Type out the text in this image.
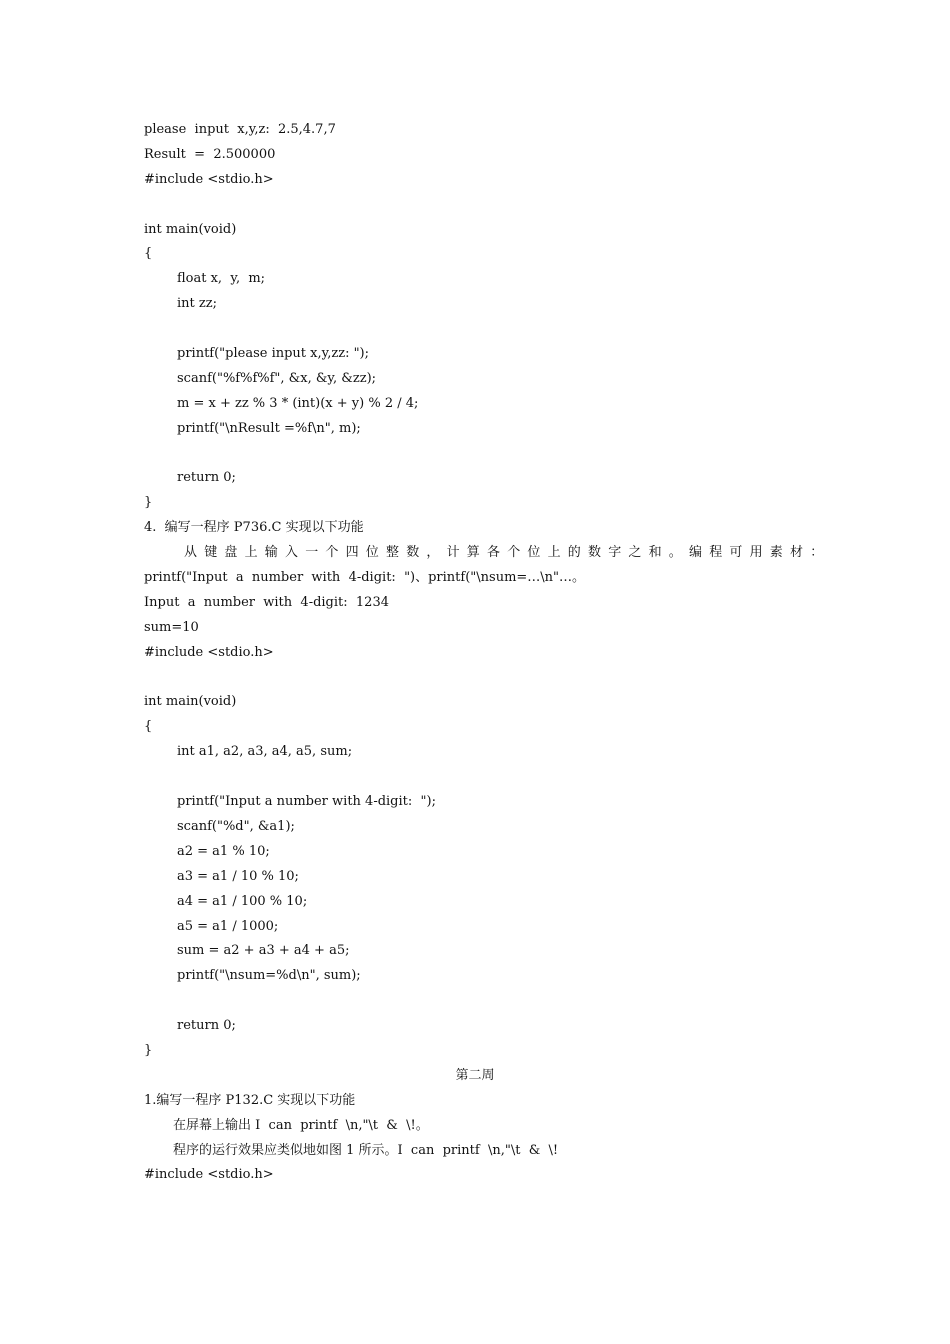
please  input  x,y,z:  2.5,4.7,7
Result  =  2.500000
#include <stdio.h>
int main(void)
{
float x,  y,  m;
int zz;
printf("please input x,y,zz: ");
scanf("%f%f%f", &x, &y, &zz);
m = x + zz % 3 * (int)(x + y) % 2 / 4;
printf("\nResult =%f\n", m);
return 0;
}
4.  编写一程序 P736.C 实现以下功能
从键盘上输入一个四位整数，计算各个位上的数字之和。编程可用素材：
printf("Input  a  number  with  4-digit:  ")、printf("\nsum=…\n"…。
Input  a  number  with  4-digit:  1234
sum=10
#include <stdio.h>
int main(void)
{
int a1, a2, a3, a4, a5, sum;
printf("Input a number with 4-digit:  ");
scanf("%d", &a1);
a2 = a1 % 10;
a3 = a1 / 10 % 10;
a4 = a1 / 100 % 10;
a5 = a1 / 1000;
sum = a2 + a3 + a4 + a5;
printf("\nsum=%d\n", sum);
return 0;
}
第二周
1.编写一程序 P132.C 实现以下功能
在屏幕上输出 I  can  printf  \n,"\t  &  \!。
程序的运行效果应类似地如图 1 所示。I  can  printf  \n,"\t  &  \!
#include <stdio.h>
